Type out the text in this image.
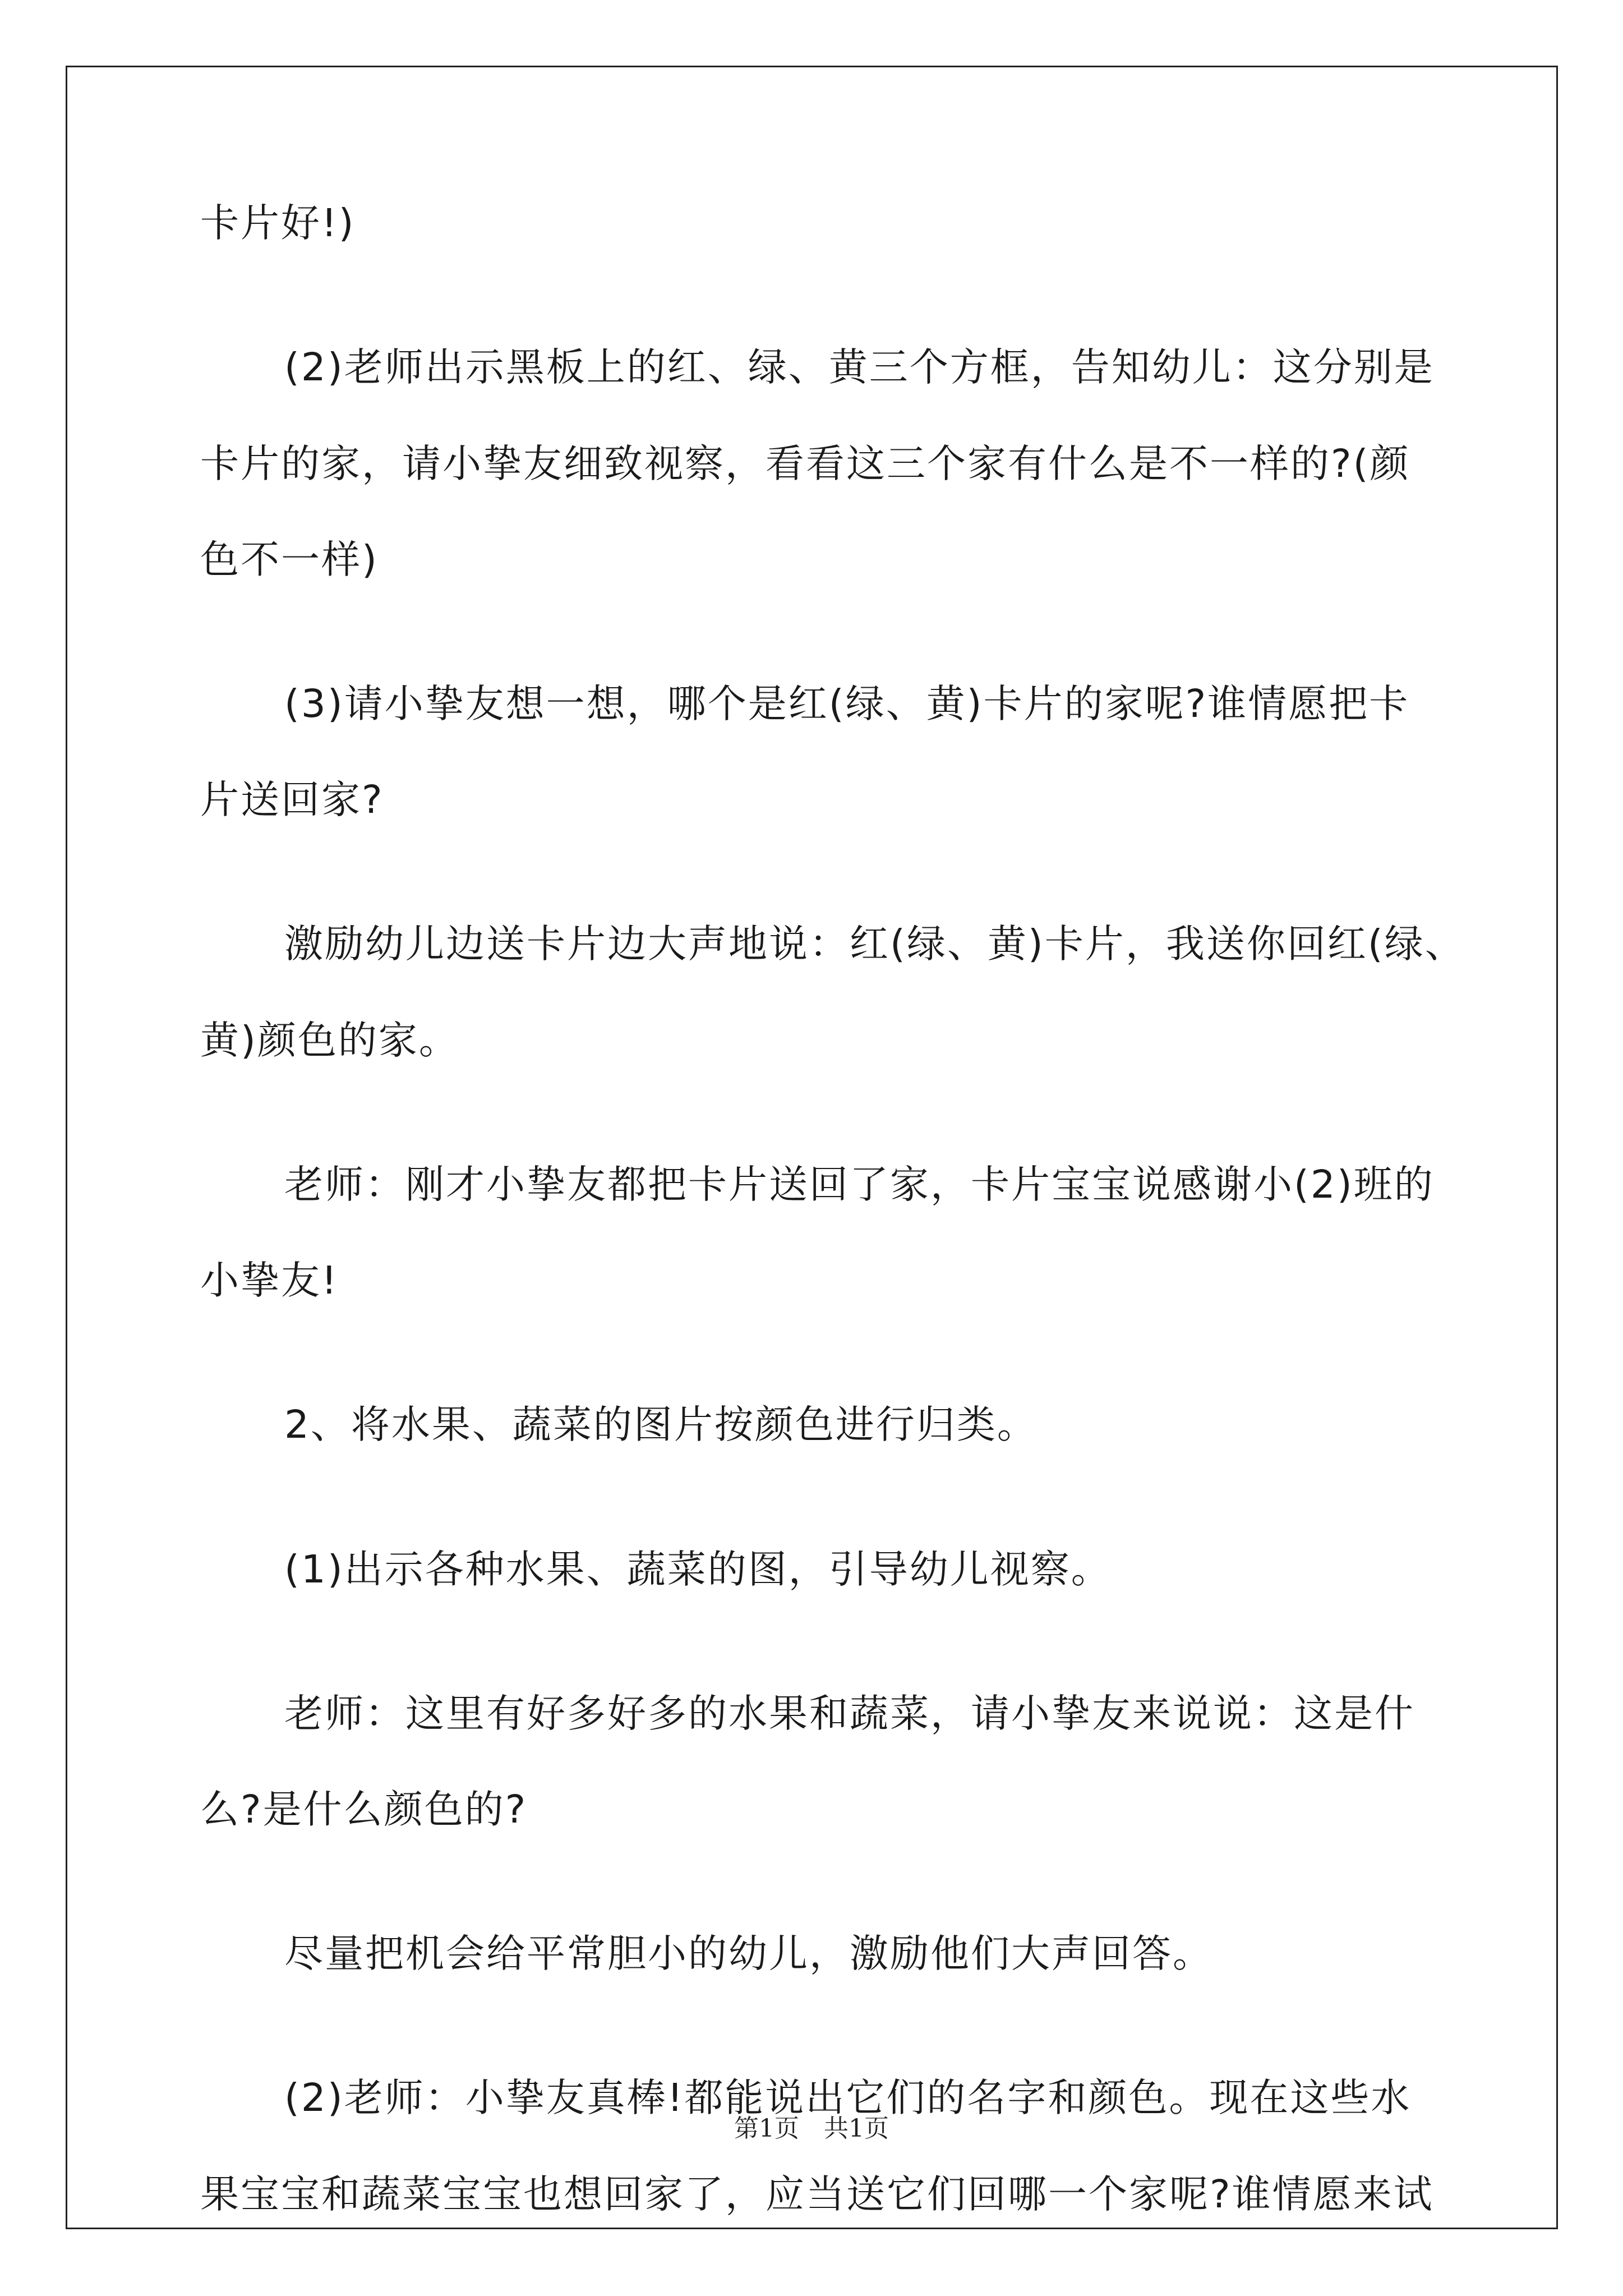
卡片好!)
(2)老师出示黑板上的红、绿、黄三个方框，告知幼儿：这分别是
卡片的家，请小挚友细致视察，看看这三个家有什么是不一样的?(颜
色不一样)
(3)请小挚友想一想，哪个是红(绿、黄)卡片的家呢?谁情愿把卡
片送回家?
激励幼儿边送卡片边大声地说：红(绿、黄)卡片，我送你回红(绿、
黄)颜色的家。
老师：刚才小挚友都把卡片送回了家，卡片宝宝说感谢小(2)班的
小挚友!
2、将水果、蔬菜的图片按颜色进行归类。
(1)出示各种水果、蔬菜的图，引导幼儿视察。
老师：这里有好多好多的水果和蔬菜，请小挚友来说说：这是什
么?是什么颜色的?
尽量把机会给平常胆小的幼儿，激励他们大声回答。
(2)老师：小挚友真棒!都能说出它们的名字和颜色。现在这些水
果宝宝和蔬菜宝宝也想回家了，应当送它们回哪一个家呢?谁情愿来试
第1页　共1页
